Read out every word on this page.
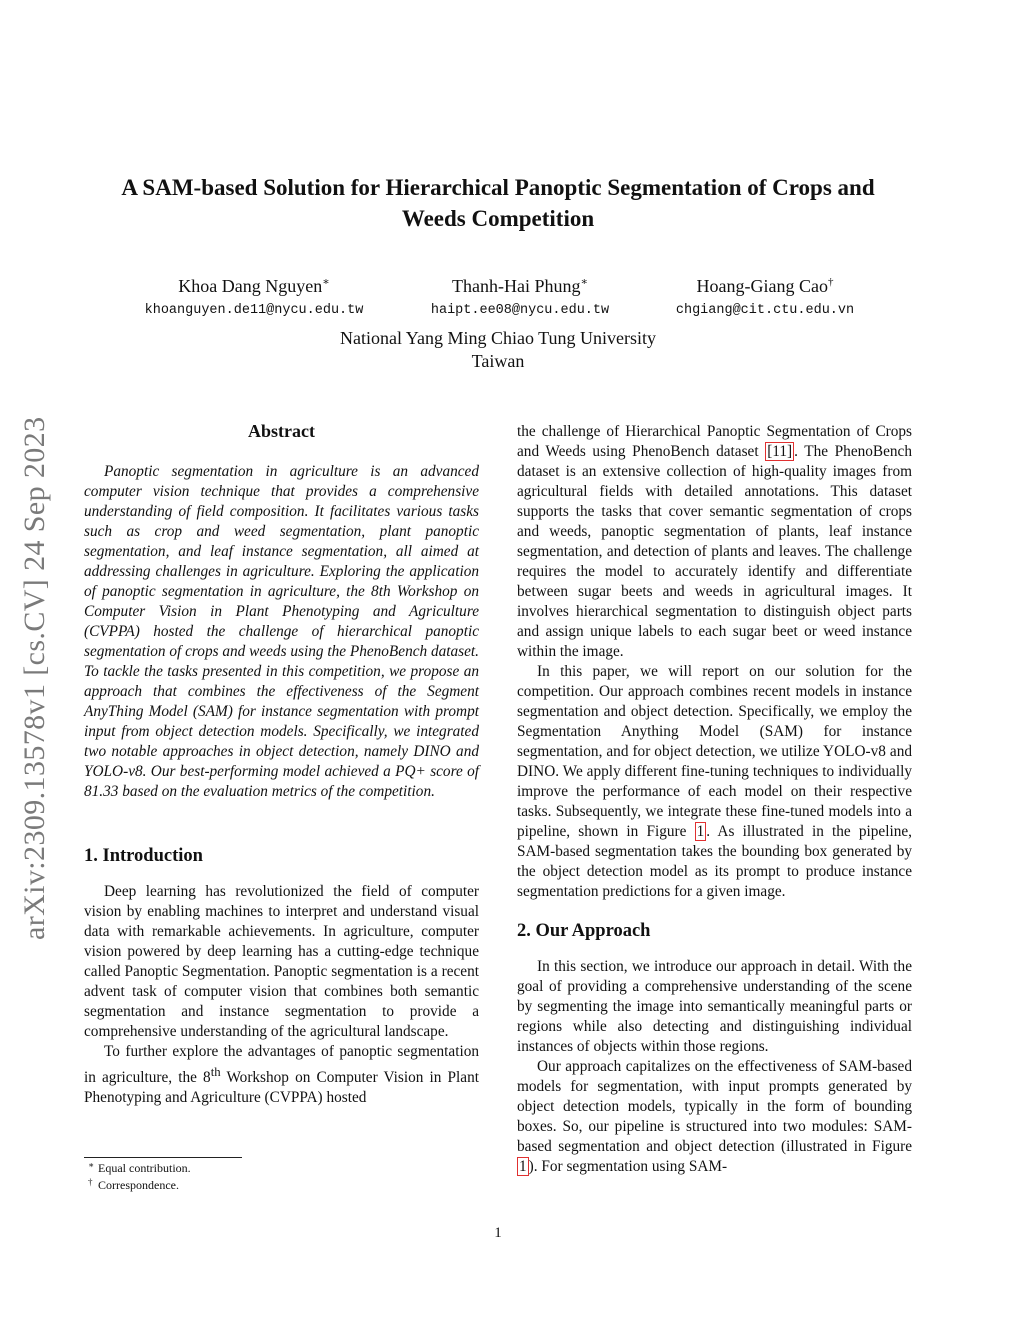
arXiv:2309.13578v1 [cs.CV] 24 Sep 2023
A SAM-based Solution for Hierarchical Panoptic Segmentation of Crops and
Weeds Competition
Khoa Dang Nguyen∗
khoanguyen.de11@nycu.edu.tw
Thanh-Hai Phung∗
haipt.ee08@nycu.edu.tw
Hoang-Giang Cao†
chgiang@cit.ctu.edu.vn
National Yang Ming Chiao Tung University
Taiwan
Abstract

Panoptic segmentation in agriculture is an advanced computer vision technique that provides a comprehensive understanding of field composition. It facilitates various tasks such as crop and weed segmentation, plant panoptic segmentation, and leaf instance segmentation, all aimed at addressing challenges in agriculture. Exploring the application of panoptic segmentation in agriculture, the 8th Workshop on Computer Vision in Plant Phenotyping and Agriculture (CVPPA) hosted the challenge of hierarchical panoptic segmentation of crops and weeds using the PhenoBench dataset. To tackle the tasks presented in this competition, we propose an approach that combines the effectiveness of the Segment AnyThing Model (SAM) for instance segmentation with prompt input from object detection models. Specifically, we integrated two notable approaches in object detection, namely DINO and YOLO-v8. Our best-performing model achieved a PQ+ score of 81.33 based on the evaluation metrics of the competition.

1. Introduction

Deep learning has revolutionized the field of computer vision by enabling machines to interpret and understand visual data with remarkable achievements. In agriculture, computer vision powered by deep learning has a cutting-edge technique called Panoptic Segmentation. Panoptic segmentation is a recent advent task of computer vision that combines both semantic segmentation and instance segmentation to provide a comprehensive understanding of the agricultural landscape.

To further explore the advantages of panoptic segmentation in agriculture, the 8th Workshop on Computer Vision in Plant Phenotyping and Agriculture (CVPPA) hosted

the challenge of Hierarchical Panoptic Segmentation of Crops and Weeds using PhenoBench dataset [11] . The PhenoBench dataset is an extensive collection of high-quality images from agricultural fields with detailed annotations. This dataset supports the tasks that cover semantic segmentation of crops and weeds, panoptic segmentation of plants, leaf instance segmentation, and detection of plants and leaves. The challenge requires the model to accurately identify and differentiate between sugar beets and weeds in agricultural images. It involves hierarchical segmentation to distinguish object parts and assign unique labels to each sugar beet or weed instance within the image.

In this paper, we will report on our solution for the competition. Our approach combines recent models in instance segmentation and object detection. Specifically, we employ the Segmentation Anything Model (SAM) for instance segmentation, and for object detection, we utilize YOLO-v8 and DINO. We apply different fine-tuning techniques to individually improve the performance of each model on their respective tasks. Subsequently, we integrate these fine-tuned models into a pipeline, shown in Figure 1 . As illustrated in the pipeline, SAM-based segmentation takes the bounding box generated by the object detection model as its prompt to produce instance segmentation predictions for a given image.

2. Our Approach

In this section, we introduce our approach in detail. With the goal of providing a comprehensive understanding of the scene by segmenting the image into semantically meaningful parts or regions while also detecting and distinguishing individual instances of objects within those regions.

Our approach capitalizes on the effectiveness of SAM-based models for segmentation, with input prompts generated by object detection models, typically in the form of bounding boxes. So, our pipeline is structured into two modules: SAM-based segmentation and object detection (illustrated in Figure 1 ). For segmentation using SAM-

∗ Equal contribution.
† Correspondence.
1
